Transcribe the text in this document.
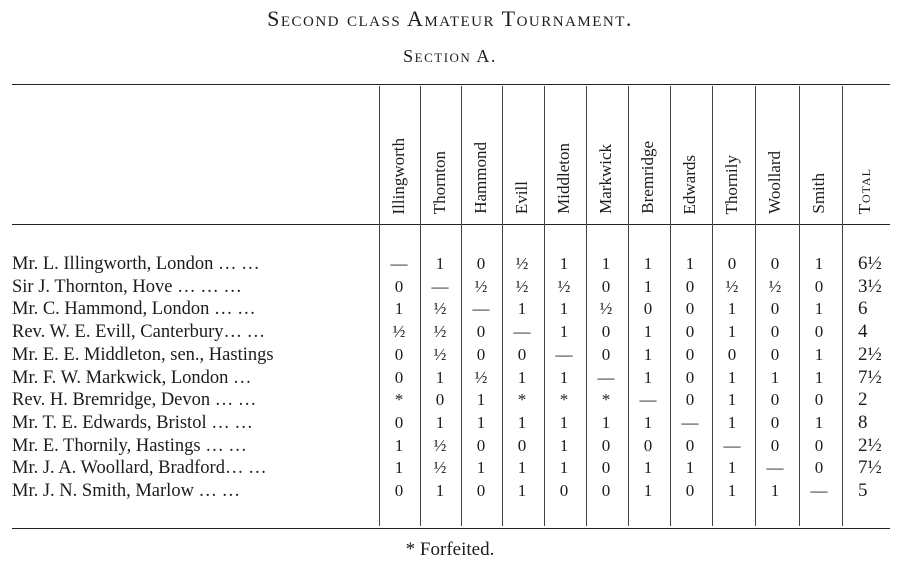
Second class Amateur Tournament.
Section A.
Illingworth Thornton Hammond Evill Middleton Markwick Bremridge Edwards Thornily Woollard Smith Total
Mr. L. Illingworth, London … …	—	1	0	½	1	1	1	1	0	0	1	6½
Sir J. Thornton, Hove … … …	0	—	½	½	½	0	1	0	½	½	0	3½
Mr. C. Hammond, London … …	1	½	—	1	1	½	0	0	1	0	1	6
Rev. W. E. Evill, Canterbury… …	½	½	0	—	1	0	1	0	1	0	0	4
Mr. E. E. Middleton, sen., Hastings	0	½	0	0	—	0	1	0	0	0	1	2½
Mr. F. W. Markwick, London …	0	1	½	1	1	—	1	0	1	1	1	7½
Rev. H. Bremridge, Devon … …	*	0	1	*	*	*	—	0	1	0	0	2
Mr. T. E. Edwards, Bristol … …	0	1	1	1	1	1	1	—	1	0	1	8
Mr. E. Thornily, Hastings … …	1	½	0	0	1	0	0	0	—	0	0	2½
Mr. J. A. Woollard, Bradford… …	1	½	1	1	1	0	1	1	1	—	0	7½
Mr. J. N. Smith, Marlow … …	0	1	0	1	0	0	1	0	1	1	—	5
* Forfeited.
